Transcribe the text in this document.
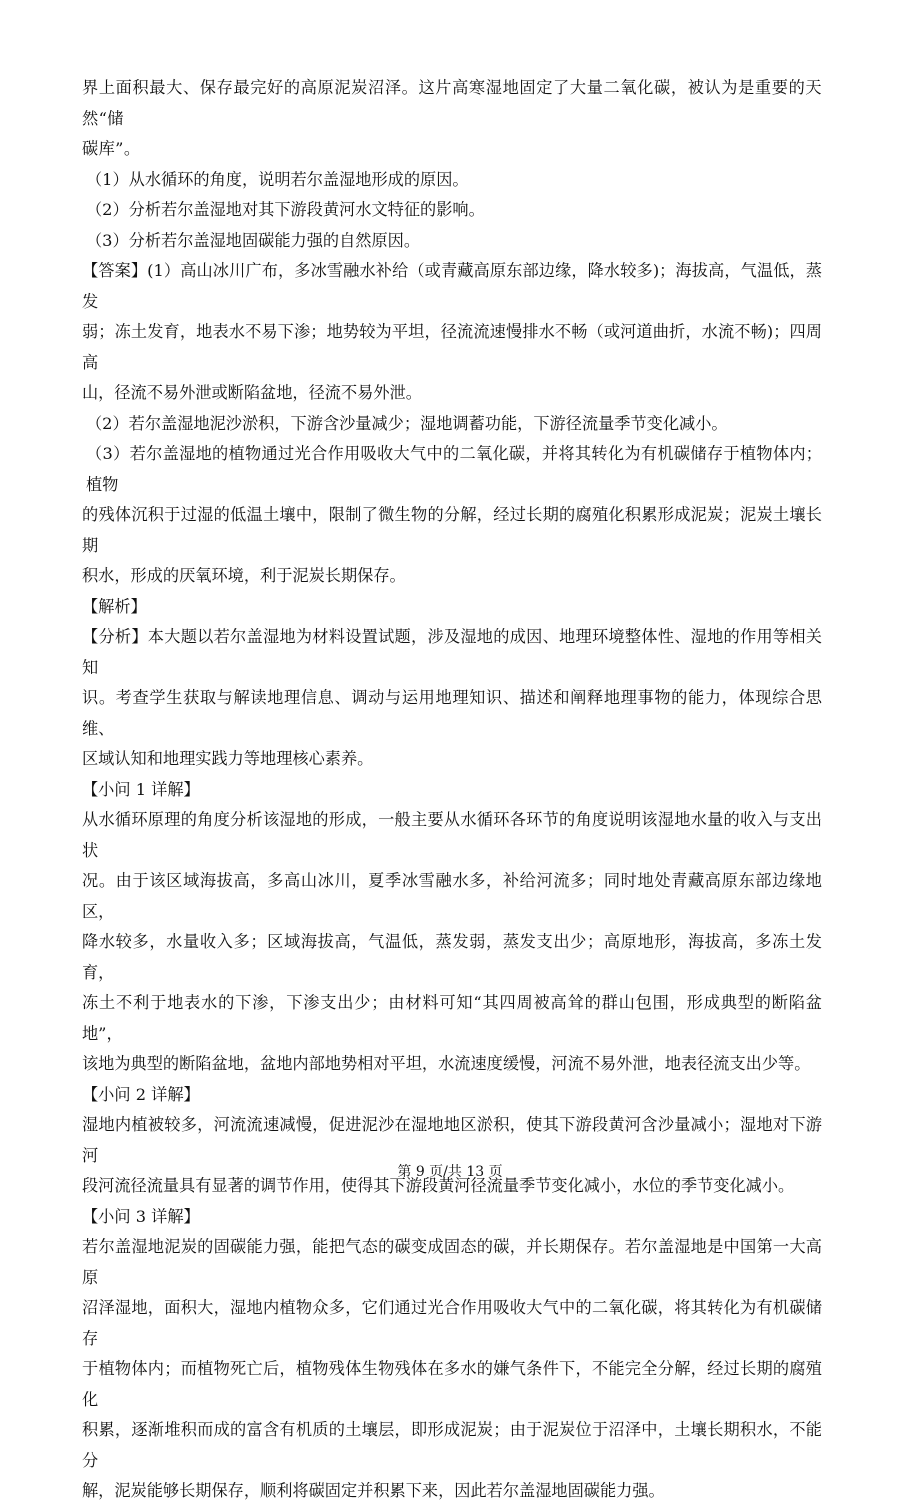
界上面积最大、保存最完好的高原泥炭沼泽。这片高寒湿地固定了大量二氧化碳，被认为是重要的天然“储

碳库”。

（1）从水循环的角度，说明若尔盖湿地形成的原因。

（2）分析若尔盖湿地对其下游段黄河水文特征的影响。

（3）分析若尔盖湿地固碳能力强的自然原因。

【答案】(1）高山冰川广布，多冰雪融水补给（或青藏高原东部边缘，降水较多)；海拔高，气温低，蒸发

弱；冻土发育，地表水不易下渗；地势较为平坦，径流流速慢排水不畅（或河道曲折，水流不畅)；四周高

山，径流不易外泄或断陷盆地，径流不易外泄。

（2）若尔盖湿地泥沙淤积，下游含沙量减少；湿地调蓄功能，下游径流量季节变化减小。

（3）若尔盖湿地的植物通过光合作用吸收大气中的二氧化碳，并将其转化为有机碳储存于植物体内；植物

的残体沉积于过湿的低温土壤中，限制了微生物的分解，经过长期的腐殖化积累形成泥炭；泥炭土壤长期

积水，形成的厌氧环境，利于泥炭长期保存。

【解析】

【分析】本大题以若尔盖湿地为材料设置试题，涉及湿地的成因、地理环境整体性、湿地的作用等相关知

识。考查学生获取与解读地理信息、调动与运用地理知识、描述和阐释地理事物的能力，体现综合思维、

区域认知和地理实践力等地理核心素养。

【小问 1 详解】

从水循环原理的角度分析该湿地的形成，一般主要从水循环各环节的角度说明该湿地水量的收入与支出状

况。由于该区域海拔高，多高山冰川，夏季冰雪融水多，补给河流多；同时地处青藏高原东部边缘地区，

降水较多，水量收入多；区域海拔高，气温低，蒸发弱，蒸发支出少；高原地形，海拔高，多冻土发育，

冻土不利于地表水的下渗，下渗支出少；由材料可知“其四周被高耸的群山包围，形成典型的断陷盆地”，

该地为典型的断陷盆地，盆地内部地势相对平坦，水流速度缓慢，河流不易外泄，地表径流支出少等。

【小问 2 详解】

湿地内植被较多，河流流速减慢，促进泥沙在湿地地区淤积，使其下游段黄河含沙量减小；湿地对下游河

段河流径流量具有显著的调节作用，使得其下游段黄河径流量季节变化减小，水位的季节变化减小。

【小问 3 详解】

若尔盖湿地泥炭的固碳能力强，能把气态的碳变成固态的碳，并长期保存。若尔盖湿地是中国第一大高原

沼泽湿地，面积大，湿地内植物众多，它们通过光合作用吸收大气中的二氧化碳，将其转化为有机碳储存

于植物体内；而植物死亡后，植物残体生物残体在多水的嫌气条件下，不能完全分解，经过长期的腐殖化

积累，逐渐堆积而成的富含有机质的土壤层，即形成泥炭；由于泥炭位于沼泽中，土壤长期积水，不能分

解，泥炭能够长期保存，顺利将碳固定并积累下来，因此若尔盖湿地固碳能力强。

第 9 页/共 13 页
